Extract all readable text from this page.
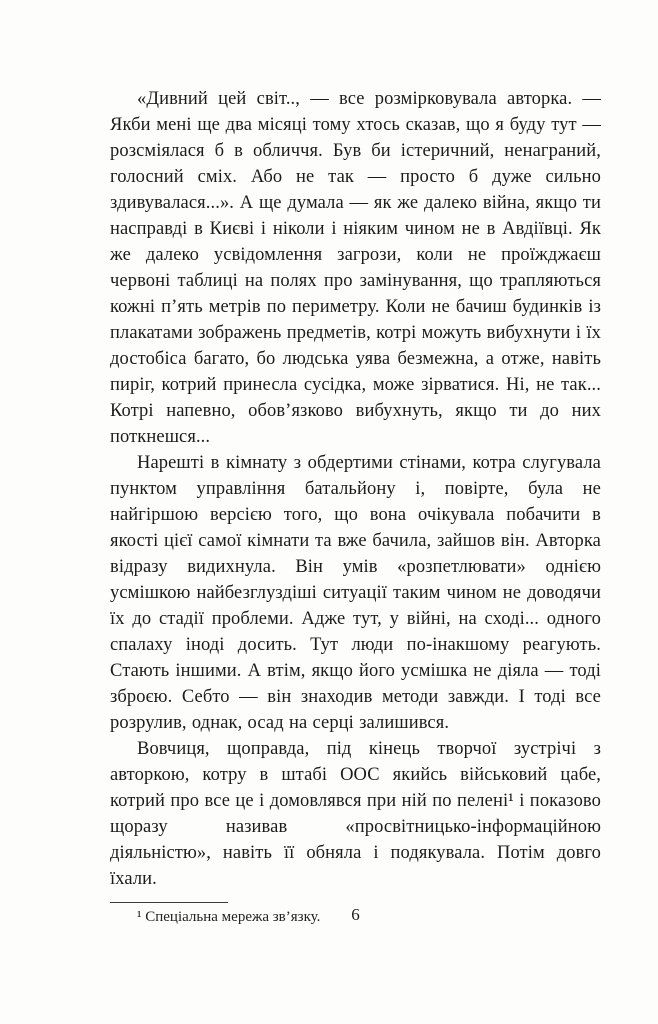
«Дивний цей світ.., — все розмірковувала авторка. — Якби мені ще два місяці тому хтось сказав, що я буду тут — розсміялася б в обличчя. Був би істеричний, ненаграний, голосний сміх. Або не так — просто б дуже сильно здивувалася...». А ще думала — як же далеко війна, якщо ти насправді в Києві і ніколи і ніяким чином не в Авдіївці. Як же далеко усвідомлення загрози, коли не проїжджаєш червоні таблиці на полях про замінування, що трапляються кожні п’ять метрів по периметру. Коли не бачиш будинків із плакатами зображень предметів, котрі можуть вибухнути і їх достобіса багато, бо людська уява безмежна, а отже, навіть пиріг, котрий принесла сусідка, може зірватися. Ні, не так... Котрі напевно, обов’язково вибухнуть, якщо ти до них поткнешся...

Нарешті в кімнату з обдертими стінами, котра слугувала пунктом управління батальйону і, повірте, була не найгіршою версією того, що вона очікувала побачити в якості цієї самої кімнати та вже бачила, зайшов він. Авторка відразу видихнула. Він умів «розпетлювати» однією усмішкою найбезглуздіші ситуації таким чином не доводячи їх до стадії проблеми. Адже тут, у війні, на сході... одного спалаху іноді досить. Тут люди по-інакшому реагують. Стають іншими. А втім, якщо його усмішка не діяла — тоді зброєю. Себто — він знаходив методи завжди. І тоді все розрулив, однак, осад на серці залишився.

Вовчиця, щоправда, під кінець творчої зустрічі з авторкою, котру в штабі ООС якийсь військовий цабе, котрий про все це і домовлявся при ній по пелені¹ і показово щоразу називав «просвітницько-інформаційною діяльністю», навіть її обняла і подякувала. Потім довго їхали.

¹ Спеціальна мережа зв’язку.	6
